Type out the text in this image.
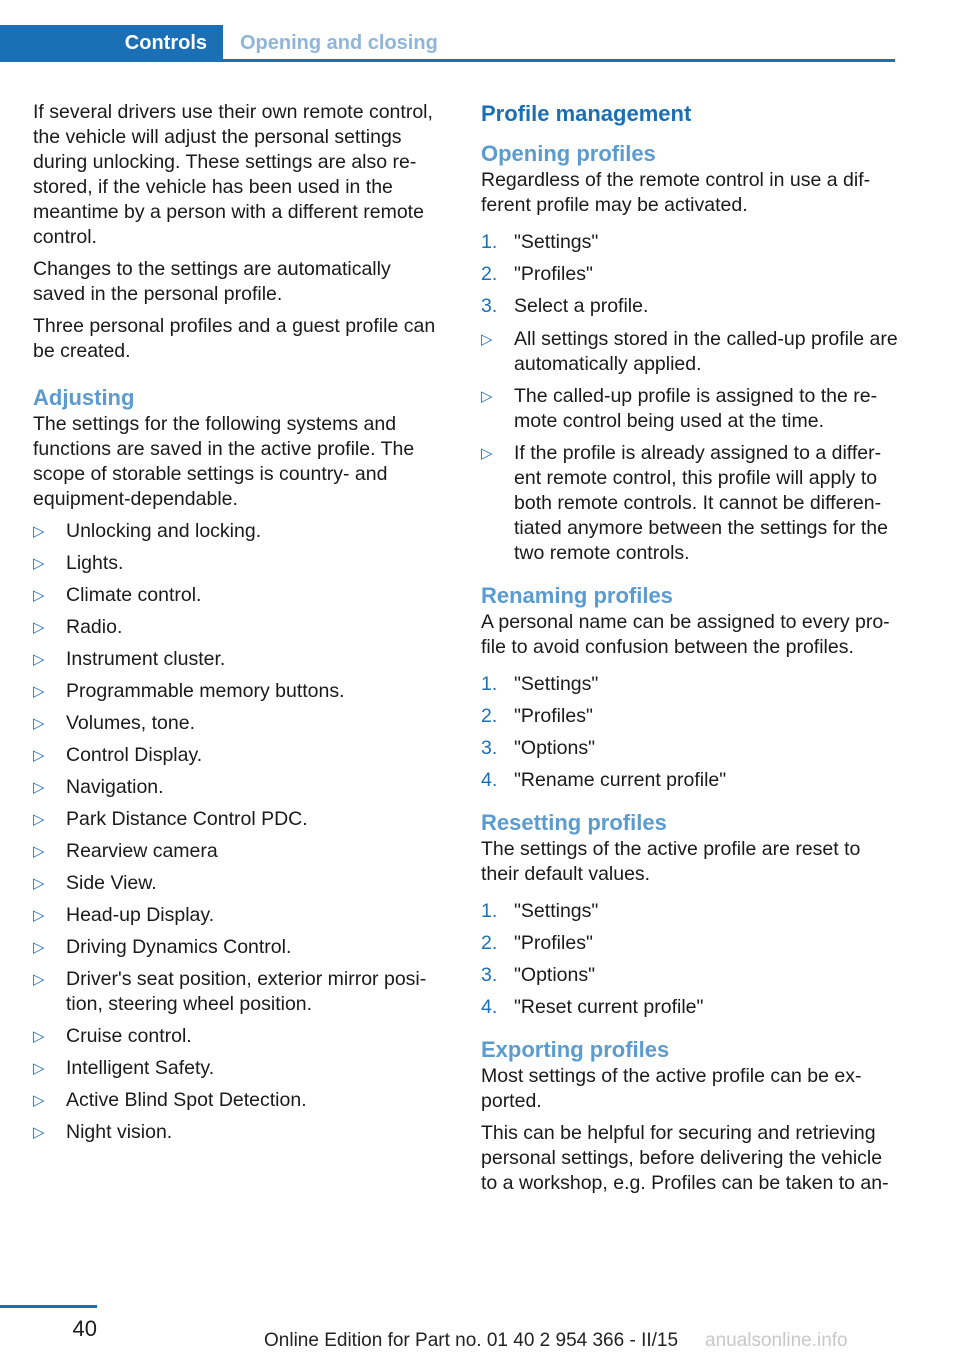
Controls	Opening and closing

If several drivers use their own remote control, the vehicle will adjust the personal settings during unlocking. These settings are also restored, if the vehicle has been used in the meantime by a person with a different remote control.

Changes to the settings are automatically saved in the personal profile.

Three personal profiles and a guest profile can be created.

Adjusting

The settings for the following systems and functions are saved in the active profile. The scope of storable settings is country- and equipment-dependable.

▷ Unlocking and locking.
▷ Lights.
▷ Climate control.
▷ Radio.
▷ Instrument cluster.
▷ Programmable memory buttons.
▷ Volumes, tone.
▷ Control Display.
▷ Navigation.
▷ Park Distance Control PDC.
▷ Rearview camera
▷ Side View.
▷ Head-up Display.
▷ Driving Dynamics Control.
▷ Driver's seat position, exterior mirror position, steering wheel position.
▷ Cruise control.
▷ Intelligent Safety.
▷ Active Blind Spot Detection.
▷ Night vision.
Profile management
Opening profiles

Regardless of the remote control in use a different profile may be activated.

1. "Settings"
2. "Profiles"
3. Select a profile.
▷ All settings stored in the called-up profile are automatically applied.
▷ The called-up profile is assigned to the remote control being used at the time.
▷ If the profile is already assigned to a different remote control, this profile will apply to both remote controls. It cannot be differentiated anymore between the settings for the two remote controls.
Renaming profiles

A personal name can be assigned to every profile to avoid confusion between the profiles.

1. "Settings"
2. "Profiles"
3. "Options"
4. "Rename current profile"
Resetting profiles

The settings of the active profile are reset to their default values.

1. "Settings"
2. "Profiles"
3. "Options"
4. "Reset current profile"
Exporting profiles

Most settings of the active profile can be exported.

This can be helpful for securing and retrieving personal settings, before delivering the vehicle to a workshop, e.g. Profiles can be taken to an-

40	Online Edition for Part no. 01 40 2 954 366 - II/15 anualsonline.info
